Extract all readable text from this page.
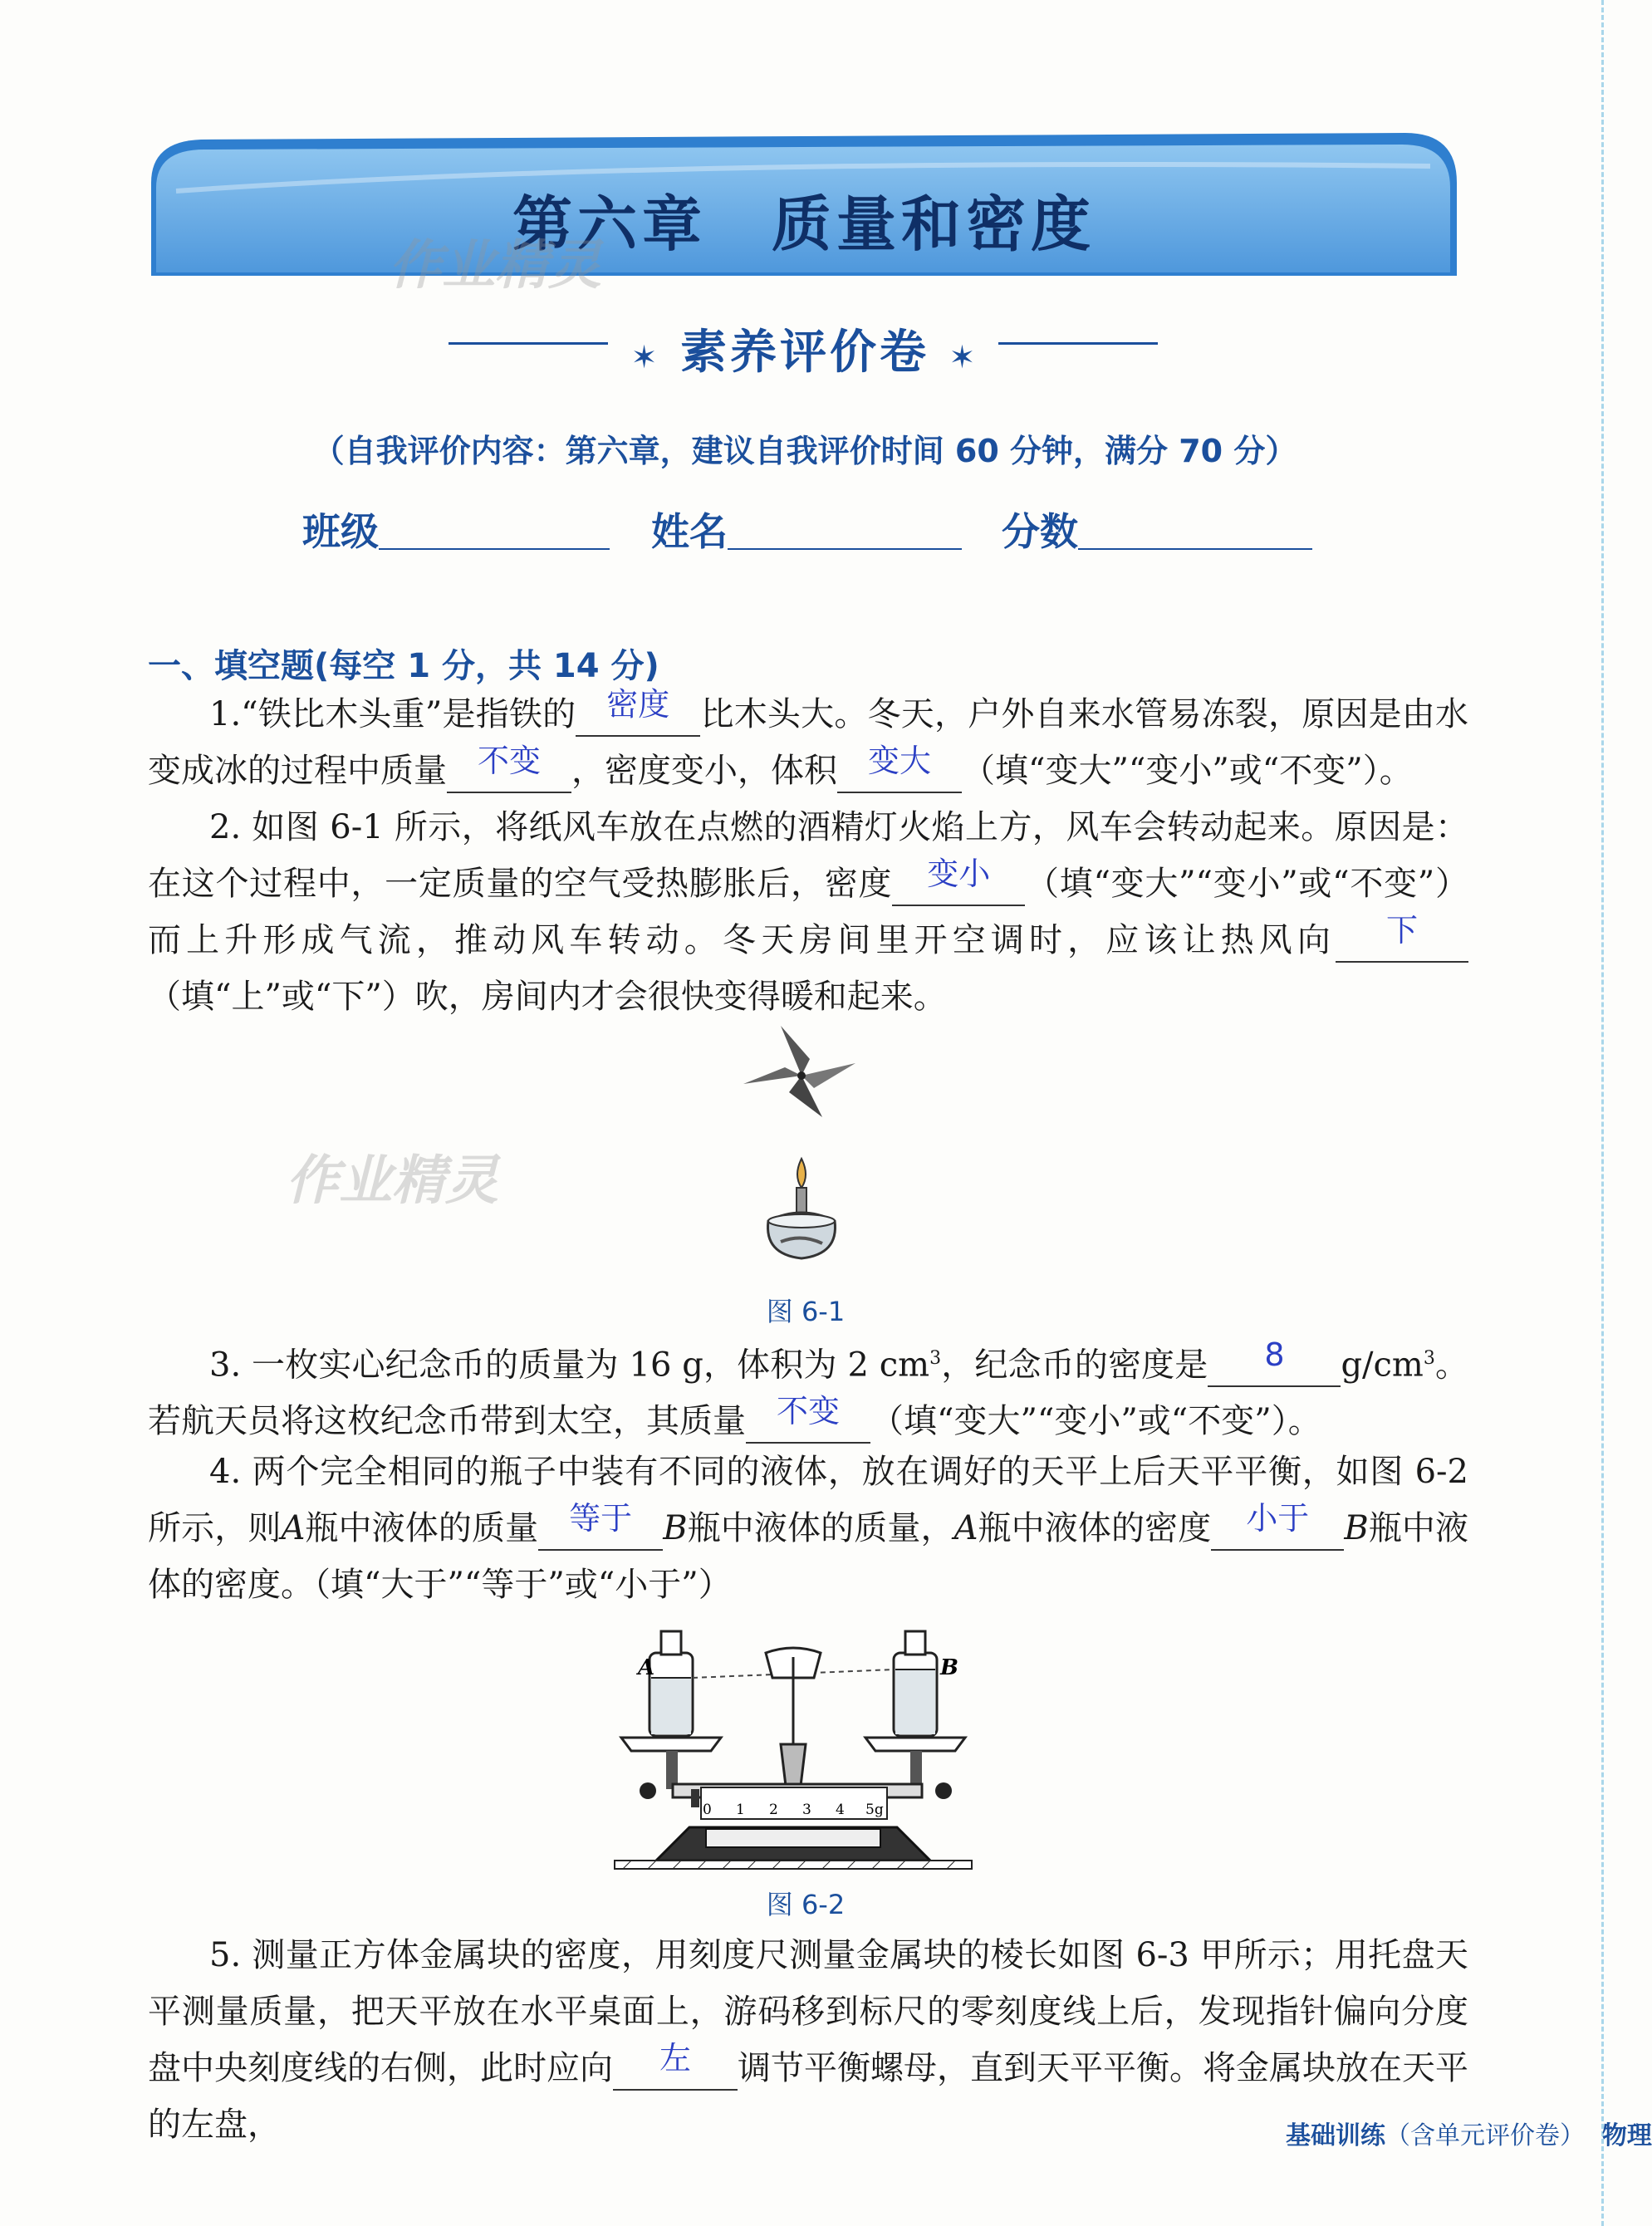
第六章　质量和密度
作业精灵
✶ 素养评价卷 ✶
（自我评价内容：第六章，建议自我评价时间 60 分钟，满分 70 分）
班级	姓名	分数
一、填空题(每空 1 分，共 14 分)
1.“铁比木头重”是指铁的 密度 比木头大。冬天，户外自来水管易冻裂，原因是由水变成冰的过程中质量 不变 ，密度变小，体积 变大 （填“变大”“变小”或“不变”）。
2. 如图 6-1 所示，将纸风车放在点燃的酒精灯火焰上方，风车会转动起来。原因是：在这个过程中，一定质量的空气受热膨胀后，密度 变小 （填“变大”“变小”或“不变”）而上升形成气流，推动风车转动。冬天房间里开空调时，应该让热风向 下（填“上”或“下”）吹，房间内才会很快变得暖和起来。
作业精灵
图 6-1
3. 一枚实心纪念币的质量为 16 g，体积为 2 $cm^3$，纪念币的密度是 8 $g/cm^3$。若航天员将这枚纪念币带到太空，其质量 不变 （填“变大”“变小”或“不变”）。
4. 两个完全相同的瓶子中装有不同的液体，放在调好的天平上后天平平衡，如图 6-2 所示，则A瓶中液体的质量 等于 B瓶中液体的质量，A瓶中液体的密度 小于 B瓶中液体的密度。（填“大于”“等于”或“小于”）
A	B
0 1 2 3 4 5g
图 6-2
5. 测量正方体金属块的密度，用刻度尺测量金属块的棱长如图 6-3 甲所示；用托盘天平测量质量，把天平放在水平桌面上，游码移到标尺的零刻度线上后，发现指针偏向分度盘中央刻度线的右侧，此时应向 左 调节平衡螺母，直到天平平衡。将金属块放在天平的左盘，	基础训练（含单元评价卷） 物理
